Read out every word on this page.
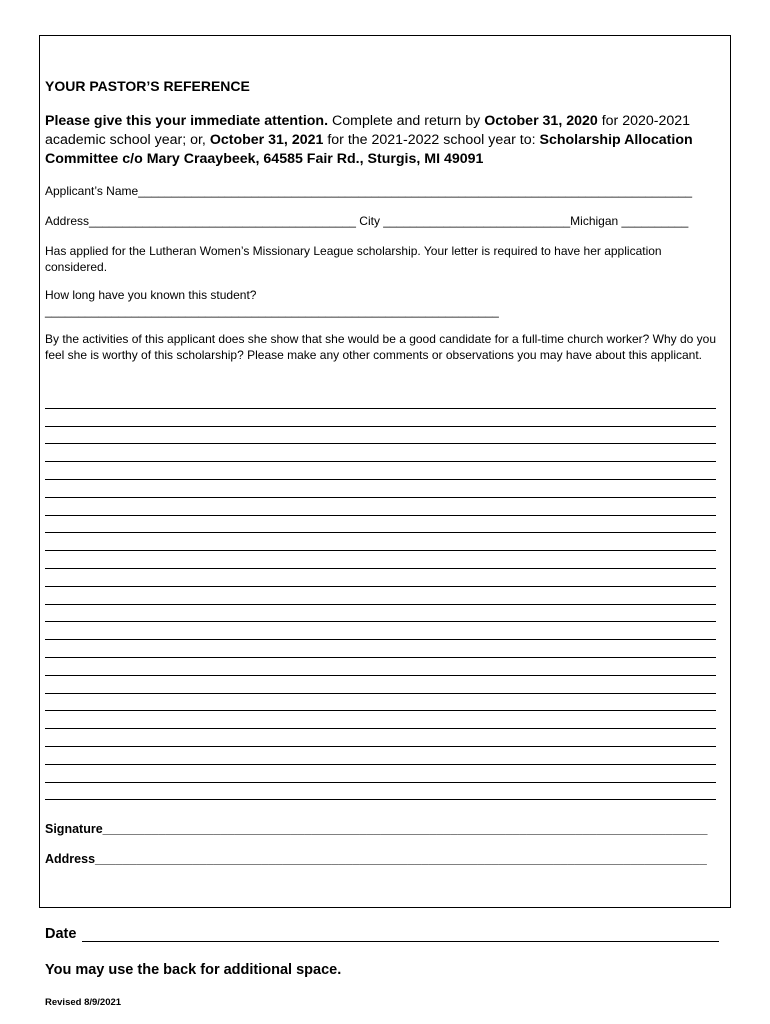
YOUR PASTOR’S REFERENCE
Please give this your immediate attention. Complete and return by October 31, 2020 for 2020-2021 academic school year; or, October 31, 2021 for the 2021-2022 school year to: Scholarship Allocation Committee c/o Mary Craaybeek, 64585 Fair Rd., Sturgis, MI 49091
Applicant’s Name___________________________________________________________________________________
Address________________________________________ City ____________________________Michigan __________
Has applied for the Lutheran Women’s Missionary League scholarship. Your letter is required to have her application considered.
How long have you known this student?
____________________________________________________________________
By the activities of this applicant does she show that she would be a good candidate for a full-time church worker? Why do you feel she is worthy of this scholarship? Please make any other comments or observations you may have about this applicant.
Signature_______________________________________________________________________________________
Address________________________________________________________________________________________
Date
You may use the back for additional space.
Revised 8/9/2021
